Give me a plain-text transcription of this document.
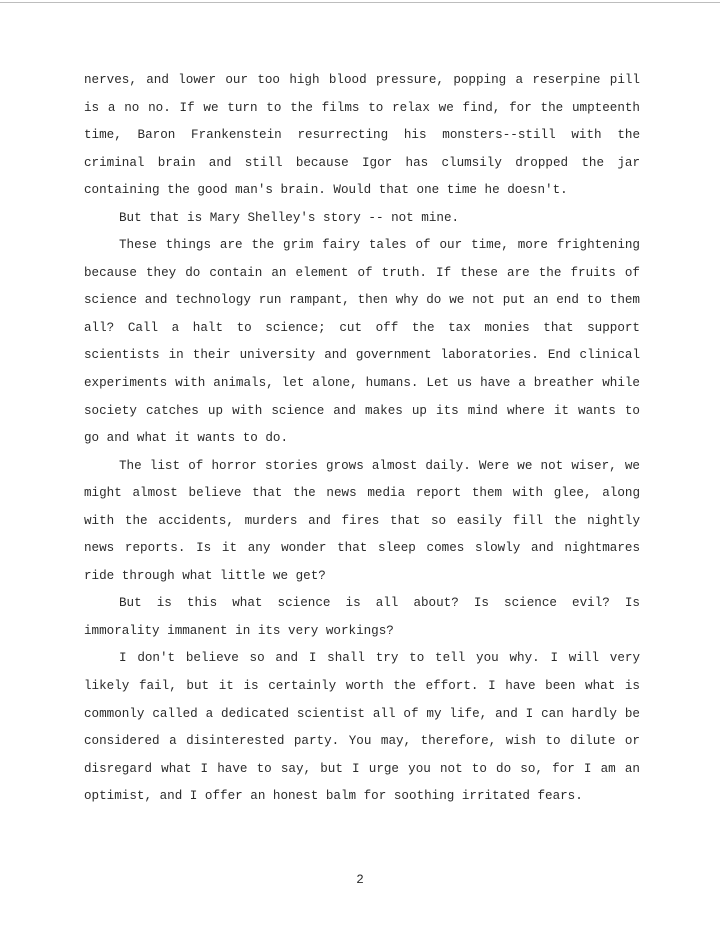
nerves, and lower our too high blood pressure, popping a reserpine pill is a no no. If we turn to the films to relax we find, for the umpteenth time, Baron Frankenstein resurrecting his monsters--still with the criminal brain and still because Igor has clumsily dropped the jar containing the good man's brain. Would that one time he doesn't.

But that is Mary Shelley's story -- not mine.

These things are the grim fairy tales of our time, more frightening because they do contain an element of truth. If these are the fruits of science and technology run rampant, then why do we not put an end to them all? Call a halt to science; cut off the tax monies that support scientists in their university and government laboratories. End clinical experiments with animals, let alone, humans. Let us have a breather while society catches up with science and makes up its mind where it wants to go and what it wants to do.

The list of horror stories grows almost daily. Were we not wiser, we might almost believe that the news media report them with glee, along with the accidents, murders and fires that so easily fill the nightly news reports. Is it any wonder that sleep comes slowly and nightmares ride through what little we get?

But is this what science is all about? Is science evil? Is immorality immanent in its very workings?

I don't believe so and I shall try to tell you why. I will very likely fail, but it is certainly worth the effort. I have been what is commonly called a dedicated scientist all of my life, and I can hardly be considered a disinterested party. You may, therefore, wish to dilute or disregard what I have to say, but I urge you not to do so, for I am an optimist, and I offer an honest balm for soothing irritated fears.

2
